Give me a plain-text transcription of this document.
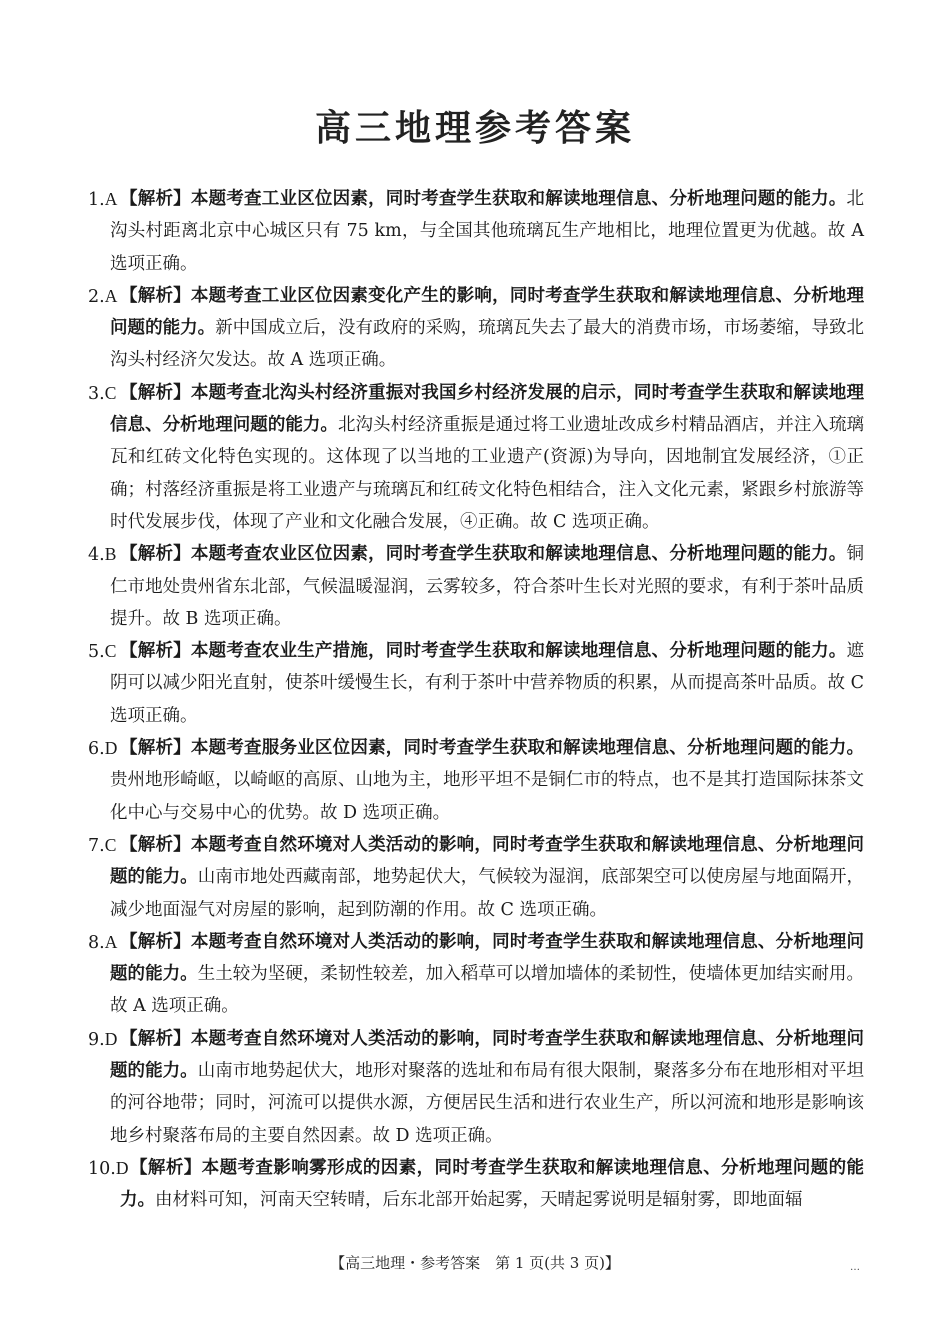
高三地理参考答案
1.A 【解析】本题考查工业区位因素，同时考查学生获取和解读地理信息、分析地理问题的能力。北沟头村距离北京中心城区只有 75 km，与全国其他琉璃瓦生产地相比，地理位置更为优越。故 A 选项正确。
2.A 【解析】本题考查工业区位因素变化产生的影响，同时考查学生获取和解读地理信息、分析地理问题的能力。新中国成立后，没有政府的采购，琉璃瓦失去了最大的消费市场，市场萎缩，导致北沟头村经济欠发达。故 A 选项正确。
3.C 【解析】本题考查北沟头村经济重振对我国乡村经济发展的启示，同时考查学生获取和解读地理信息、分析地理问题的能力。北沟头村经济重振是通过将工业遗址改成乡村精品酒店，并注入琉璃瓦和红砖文化特色实现的。这体现了以当地的工业遗产(资源)为导向，因地制宜发展经济，①正确；村落经济重振是将工业遗产与琉璃瓦和红砖文化特色相结合，注入文化元素，紧跟乡村旅游等时代发展步伐，体现了产业和文化融合发展，④正确。故 C 选项正确。
4.B 【解析】本题考查农业区位因素，同时考查学生获取和解读地理信息、分析地理问题的能力。铜仁市地处贵州省东北部，气候温暖湿润，云雾较多，符合茶叶生长对光照的要求，有利于茶叶品质提升。故 B 选项正确。
5.C 【解析】本题考查农业生产措施，同时考查学生获取和解读地理信息、分析地理问题的能力。遮阴可以减少阳光直射，使茶叶缓慢生长，有利于茶叶中营养物质的积累，从而提高茶叶品质。故 C 选项正确。
6.D 【解析】本题考查服务业区位因素，同时考查学生获取和解读地理信息、分析地理问题的能力。贵州地形崎岖，以崎岖的高原、山地为主，地形平坦不是铜仁市的特点，也不是其打造国际抹茶文化中心与交易中心的优势。故 D 选项正确。
7.C 【解析】本题考查自然环境对人类活动的影响，同时考查学生获取和解读地理信息、分析地理问题的能力。山南市地处西藏南部，地势起伏大，气候较为湿润，底部架空可以使房屋与地面隔开，减少地面湿气对房屋的影响，起到防潮的作用。故 C 选项正确。
8.A 【解析】本题考查自然环境对人类活动的影响，同时考查学生获取和解读地理信息、分析地理问题的能力。生土较为坚硬，柔韧性较差，加入稻草可以增加墙体的柔韧性，使墙体更加结实耐用。故 A 选项正确。
9.D 【解析】本题考查自然环境对人类活动的影响，同时考查学生获取和解读地理信息、分析地理问题的能力。山南市地势起伏大，地形对聚落的选址和布局有很大限制，聚落多分布在地形相对平坦的河谷地带；同时，河流可以提供水源，方便居民生活和进行农业生产，所以河流和地形是影响该地乡村聚落布局的主要自然因素。故 D 选项正确。
10.D 【解析】本题考查影响雾形成的因素，同时考查学生获取和解读地理信息、分析地理问题的能力。由材料可知，河南天空转晴，后东北部开始起雾，天晴起雾说明是辐射雾，即地面辐
【高三地理・参考答案　第 1 页(共 3 页)】	…
